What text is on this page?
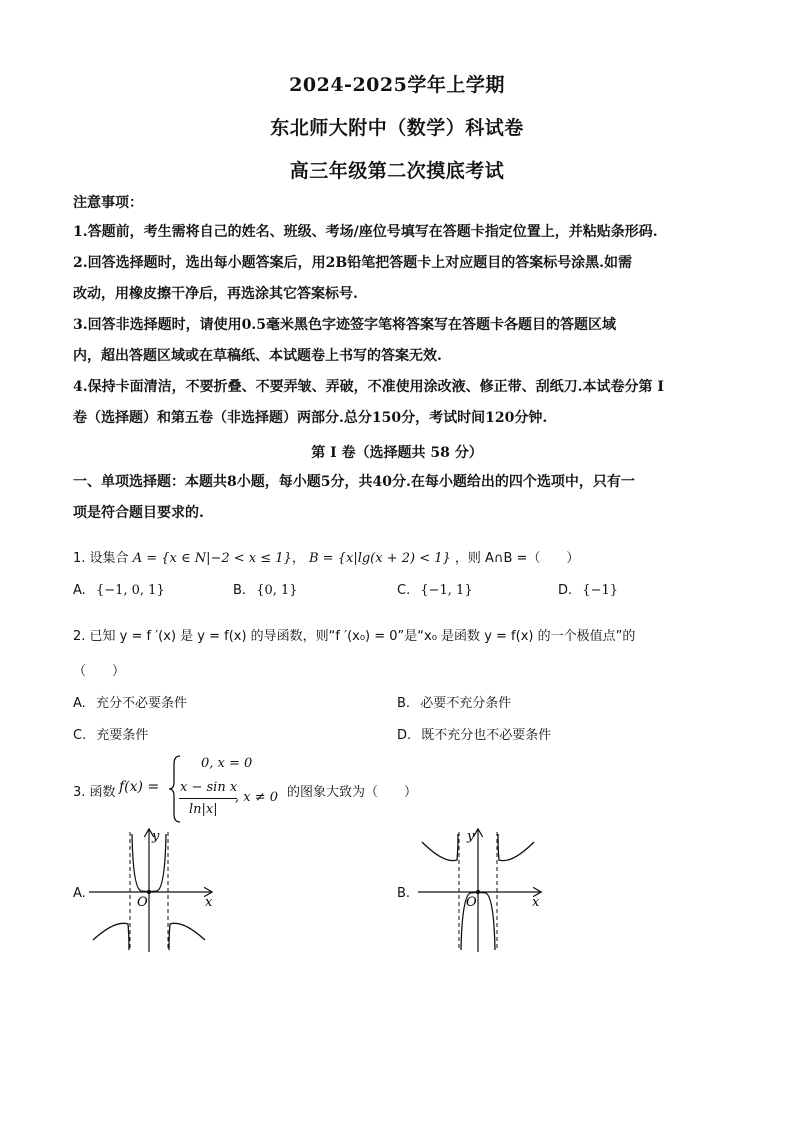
2024-2025学年上学期
东北师大附中（数学）科试卷
高三年级第二次摸底考试
注意事项：
1.答题前，考生需将自己的姓名、班级、考场/座位号填写在答题卡指定位置上，并粘贴条形码.
2.回答选择题时，选出每小题答案后，用2B铅笔把答题卡上对应题目的答案标号涂黑.如需
改动，用橡皮擦干净后，再选涂其它答案标号.
3.回答非选择题时，请使用0.5毫米黑色字迹签字笔将答案写在答题卡各题目的答题区域
内，超出答题区域或在草稿纸、本试题卷上书写的答案无效.
4.保持卡面清洁，不要折叠、不要弄皱、弄破，不准使用涂改液、修正带、刮纸刀.本试卷分第 I
卷（选择题）和第五卷（非选择题）两部分.总分150分，考试时间120分钟.
第 I 卷（选择题共 58 分）
一、单项选择题：本题共8小题，每小题5分，共40分.在每小题给出的四个选项中，只有一
项是符合题目要求的.
1. 设集合 A = {x ∈ N|−2 < x ≤ 1}， B = {x|lg(x + 2) < 1} ，则 A∩B =（　　）
A. {−1, 0, 1}	B. {0, 1}	C. {−1, 1}	D. {−1}
2. 已知 y = f ′(x) 是 y = f(x) 的导函数，则“f ′(x₀) = 0”是“x₀ 是函数 y = f(x) 的一个极值点”的
（　　）
A. 充分不必要条件	B. 必要不充分条件
C. 充要条件	D. 既不充分也不必要条件
3. 函数 f(x) =
0, x = 0
x − sin x
ln|x|
, x ≠ 0 的图象大致为（　　）
A.
y
x
O
B.
y
x
O
